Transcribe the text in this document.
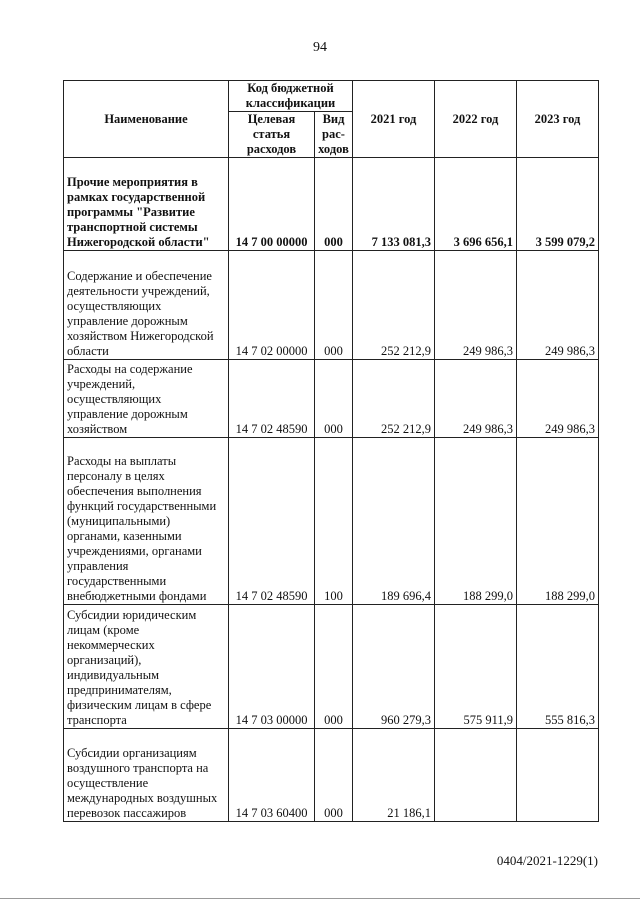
94
Наименование	Код бюджетной классификации		2021 год	2022 год	2023 год
	Целевая статья расходов	Вид рас-ходов			
Прочие мероприятия в рамках государственной программы "Развитие транспортной системы Нижегородской области"	14 7 00 00000	000	7 133 081,3	3 696 656,1	3 599 079,2
Содержание и обеспечение деятельности учреждений, осуществляющих управление дорожным хозяйством Нижегородской области	14 7 02 00000	000	252 212,9	249 986,3	249 986,3
Расходы на содержание учреждений, осуществляющих управление дорожным хозяйством	14 7 02 48590	000	252 212,9	249 986,3	249 986,3
Расходы на выплаты персоналу в целях обеспечения выполнения функций государственными (муниципальными) органами, казенными учреждениями, органами управления государственными внебюджетными фондами	14 7 02 48590	100	189 696,4	188 299,0	188 299,0
Субсидии юридическим лицам (кроме некоммерческих организаций), индивидуальным предпринимателям, физическим лицам в сфере транспорта	14 7 03 00000	000	960 279,3	575 911,9	555 816,3
Субсидии организациям воздушного транспорта на осуществление международных воздушных перевозок пассажиров	14 7 03 60400	000	21 186,1		
0404/2021-1229(1)
